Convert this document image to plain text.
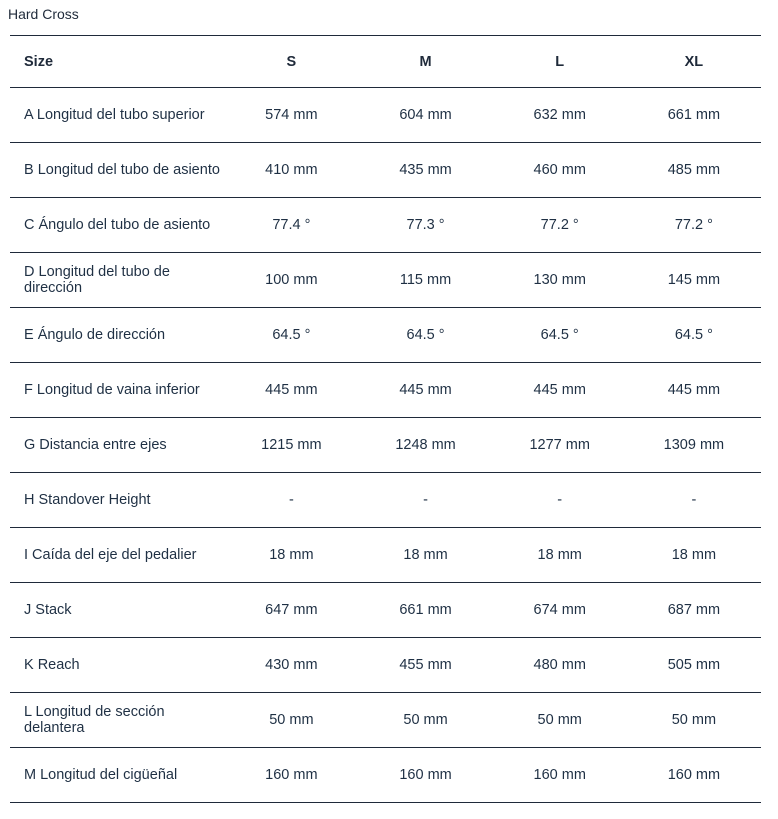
Hard Cross
Size	S	M	L	XL
A Longitud del tubo superior	574 mm	604 mm	632 mm	661 mm
B Longitud del tubo de asiento	410 mm	435 mm	460 mm	485 mm
C Ángulo del tubo de asiento	77.4 °	77.3 °	77.2 °	77.2 °
D Longitud del tubo de dirección	100 mm	115 mm	130 mm	145 mm
E Ángulo de dirección	64.5 °	64.5 °	64.5 °	64.5 °
F Longitud de vaina inferior	445 mm	445 mm	445 mm	445 mm
G Distancia entre ejes	1215 mm	1248 mm	1277 mm	1309 mm
H Standover Height	-	-	-	-
I Caída del eje del pedalier	18 mm	18 mm	18 mm	18 mm
J Stack	647 mm	661 mm	674 mm	687 mm
K Reach	430 mm	455 mm	480 mm	505 mm
L Longitud de sección delantera	50 mm	50 mm	50 mm	50 mm
M Longitud del cigüeñal	160 mm	160 mm	160 mm	160 mm
